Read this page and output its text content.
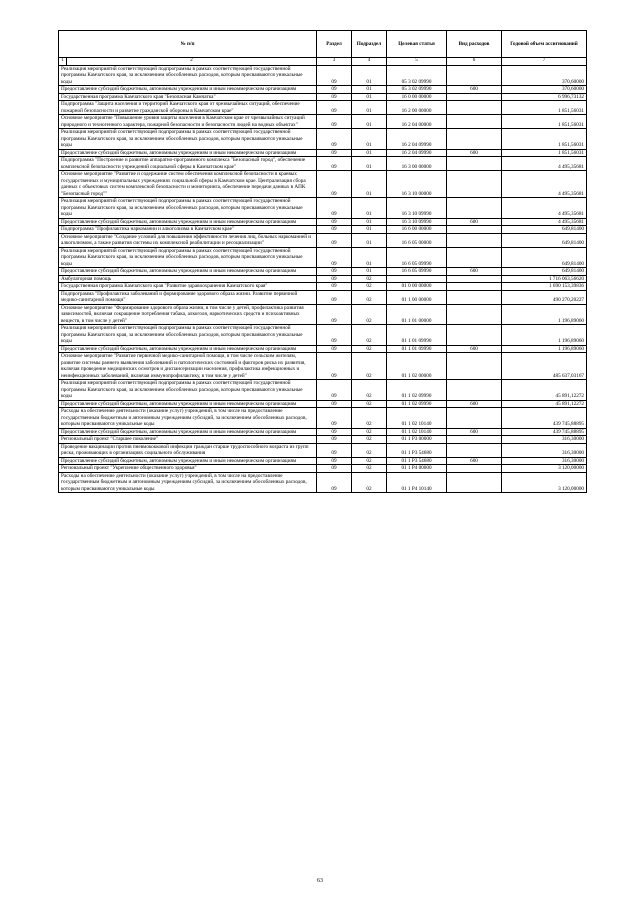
№ п/п		Раздел	Подраздел	Целевая статья	Вид расходов	Годовой объем ассигнований
1	2	3	4	5	6	7
Реализация мероприятий соответствующей подпрограммы в рамках соответствующей государственной программы Камчатского края, за исключением обособленных расходов, которым присваиваются уникальные коды		09	01	05 3 02 09990		370,60000
Предоставление субсидий бюджетным, автономным учреждениям и иным некоммерческим организациям		09	01	05 3 02 09990	600	370,60000
Государственная программа Камчатского края "Безопасная Камчатка"		09	01	16 0 00 00000		6 996,73132
Подпрограмма "Защита населения и территорий Камчатского края от чрезвычайных ситуаций, обеспечение пожарной безопасности и развитие гражданской обороны в Камчатском крае"		09	01	16 2 00 00000		1 851,56031
Основное мероприятие "Повышение уровня защиты населения в Камчатском крае от чрезвычайных ситуаций природного и техногенного характера, пожарной безопасности и безопасности людей на водных объектах"		09	01	16 2 04 00000		1 851,56031
Реализация мероприятий соответствующей подпрограммы в рамках соответствующей государственной программы Камчатского края, за исключением обособленных расходов, которым присваиваются уникальные коды		09	01	16 2 04 09990		1 851,56031
Предоставление субсидий бюджетным, автономным учреждениям и иным некоммерческим организациям		09	01	16 2 04 09990	600	1 851,56031
Подпрограмма "Построение и развитие аппаратно-программного комплекса "Безопасный город", обеспечение комплексной безопасности учреждений социальной сферы в Камчатском крае"		09	01	16 3 00 00000		4 495,35681
Основное мероприятие "Развитие и содержание систем обеспечения комплексной безопасности в краевых государственных и муниципальных учреждениях социальной сферы в Камчатском крае. Централизация сбора данных с объектовых систем комплексной безопасности и мониторинга, обеспечение передачи данных в АПК "Безопасный город""		09	01	16 3 10 00000		4 495,35681
Реализация мероприятий соответствующей подпрограммы в рамках соответствующей государственной программы Камчатского края, за исключением обособленных расходов, которым присваиваются уникальные коды		09	01	16 3 10 09990		4 495,35681
Предоставление субсидий бюджетным, автономным учреждениям и иным некоммерческим организациям		09	01	16 3 10 09990	600	4 495,35681
Подпрограмма "Профилактика наркомании и алкоголизма в Камчатском крае"		09	01	16 6 00 00000		649,81400
Основное мероприятие "Создание условий для повышения эффективности лечения лиц, больных наркоманией и алкоголизмом, а также развития системы их комплексной реабилитации и ресоциализации"		09	01	16 6 05 00000		649,81400
Реализация мероприятий соответствующей подпрограммы в рамках соответствующей государственной программы Камчатского края, за исключением обособленных расходов, которым присваиваются уникальные коды		09	01	16 6 05 09990		649,81400
Предоставление субсидий бюджетным, автономным учреждениям и иным некоммерческим организациям		09	01	16 6 05 09990	600	649,81400
Амбулаторная помощь		09	02			1 716 063,56620
Государственная программа Камчатского края "Развитие здравоохранения Камчатского края"		09	02	01 0 00 00000		1 690 153,39836
Подпрограмма "Профилактика заболеваний и формирование здорового образа жизни. Развитие первичной медико-санитарной помощи"		09	02	01 1 00 00000		490 270,20227
Основное мероприятие "Формирование здорового образа жизни, в том числе у детей, профилактика развития зависимостей, включая сокращение потребления табака, алкоголя, наркотических средств и психоактивных веществ, в том числе у детей"		09	02	01 1 01 00000		1 196,89060
Реализация мероприятий соответствующей подпрограммы в рамках соответствующей государственной программы Камчатского края, за исключением обособленных расходов, которым присваиваются уникальные коды		09	02	01 1 01 09990		1 196,89060
Предоставление субсидий бюджетным, автономным учреждениям и иным некоммерческим организациям		09	02	01 1 01 09990	600	1 196,89060
Основное мероприятие "Развитие первичной медико-санитарной помощи, в том числе сельским жителям, развитие системы раннего выявления заболеваний и патологических состояний и факторов риска их развития, включая проведение медицинских осмотров и диспансеризации населения, профилактика инфекционных и неинфекционных заболеваний, включая иммунопрофилактику, в том числе у детей"		09	02	01 1 02 00000		485 637,03167
Реализация мероприятий соответствующей подпрограммы в рамках соответствующей государственной программы Камчатского края, за исключением обособленных расходов, которым присваиваются уникальные коды		09	02	01 1 02 09990		45 891,12272
Предоставление субсидий бюджетным, автономным учреждениям и иным некоммерческим организациям		09	02	01 1 02 09990	600	45 891,12272
Расходы на обеспечение деятельности (оказание услуг) учреждений, в том числе на предоставление государственным бюджетным и автономным учреждениям субсидий, за исключением обособленных расходов, которым присваиваются уникальные коды		09	02	01 1 02 10140		439 745,88895
Предоставление субсидий бюджетным, автономным учреждениям и иным некоммерческим организациям		09	02	01 1 02 10140	600	439 745,88895
Региональный проект "Старшее поколение"		09	02	01 1 P3 00000		316,30000
Проведение вакцинации против пневмококковой инфекции граждан старше трудоспособного возраста из групп риска, проживающих в организациях социального обслуживания		09	02	01 1 P3 54680		316,30000
Предоставление субсидий бюджетным, автономным учреждениям и иным некоммерческим организациям		09	02	01 1 P3 54680	600	316,30000
Региональный проект "Укрепление общественного здоровья"		09	02	01 1 P4 00000		3 120,00000
Расходы на обеспечение деятельности (оказание услуг) учреждений, в том числе на предоставление государственным бюджетным и автономным учреждениям субсидий, за исключением обособленных расходов, которым присваиваются уникальные коды		09	02	01 1 P4 10140		3 120,00000
63
